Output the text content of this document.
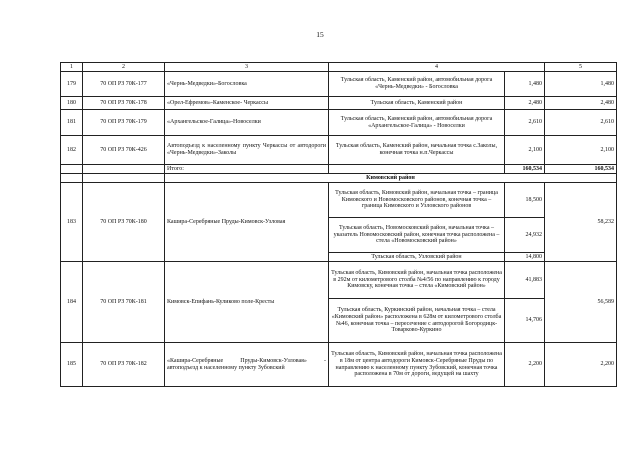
15
1	2	3	4		5
179	70 ОП РЗ 70К-177	«Чернь-Медведки»-Богословка	Тульская область, Каменский район, автомобильная дорога «Чернь-Медведки» - Богословка	1,480	1,480
180	70 ОП РЗ 70К-178	«Орел-Ефремов»-Каменское- Черкассы	Тульская область, Каменский район	2,480	2,480
181	70 ОП РЗ 70К-179	«Архангельское-Галица»-Новоселки	Тульская область, Каменский район, автомобильная дорога «Архангельское-Галица» - Новоселки	2,610	2,610
182	70 ОП РЗ 70К-426	Автоподъезд к населенному пункту Черкассы от автодороги «Чернь-Медведки»-Заколы	Тульская область, Каменский район, начальная точка с.Заколы, конечная точка н.п.Черкассы	2,100	2,100
		Итого:		160,534	160,534
		Кимовский район			
183	70 ОП РЗ 70К-180	Кашира-Серебряные Пруды-Кимовск-Узловая	Тульская область, Кимовский район, начальная точка – граница Кимовского и Новомосковского районов, конечная точка – граница Кимовского и Узловского районов	18,500	58,232
			Тульская область, Новомосковский район, начальная точка – указатель Новомосковский район, конечная точка расположена – стела «Новомосковский район»	24,932	
			Тульская область, Узловский район	14,800	
184	70 ОП РЗ 70К-181	Кимовск-Епифань-Куликово поле-Кресты	Тульская область, Кимовский район, начальная точка расположена в 292м от километрового столба №4/56 по направлению к городу Кимовску, конечная точка – стела «Кимовский район»	41,883	56,589
			Тульская область, Куркинский район, начальная точка – стела «Кимовский район» расположена в 628м от километрового столба №46, конечная точка – пересечение с автодорогой Богородицк-Товарково-Куркино	14,706	
185	70 ОП РЗ 70К-182	«Кашира-Серебряные Пруды-Кимовск-Узловая» - автоподъезд к населенному пункту Зубовский	Тульская область, Кимовский район, начальная точка расположена в 18м от центра автодороги Кимовск-Серебряные Пруды по направлению к населенному пункту Зубовский, конечная точка расположена в 70м от дороги, ведущей на шахту	2,200	2,200
